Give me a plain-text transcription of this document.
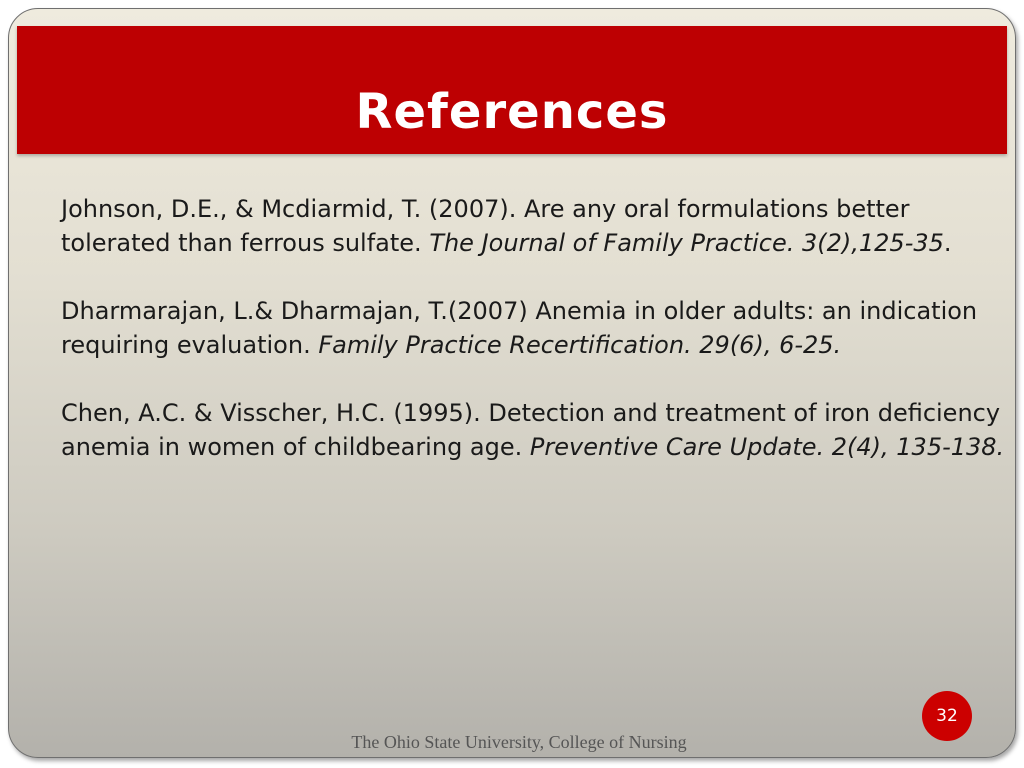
References

Johnson, D.E., & Mcdiarmid, T. (2007). Are any oral formulations better tolerated than ferrous sulfate. The Journal of Family Practice. 3(2),125-35.

Dharmarajan, L.& Dharmajan, T.(2007) Anemia in older adults: an indication requiring evaluation. Family Practice Recertification. 29(6), 6-25.

Chen, A.C. & Visscher, H.C. (1995). Detection and treatment of iron deficiency anemia in women of childbearing age. Preventive Care Update. 2(4), 135-138.

The Ohio State University, College of Nursing
32
